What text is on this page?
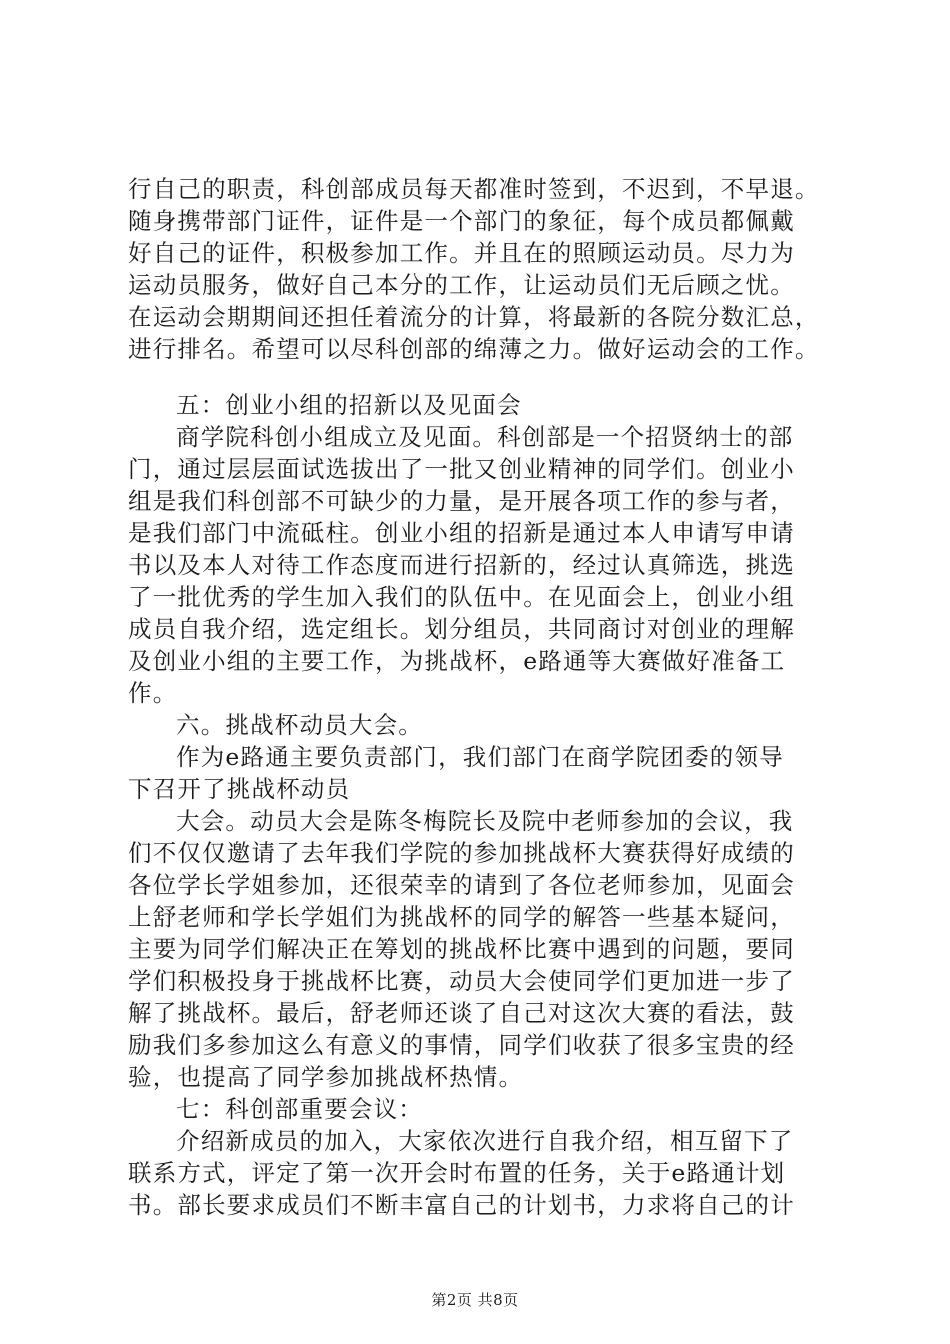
行自己的职责，科创部成员每天都准时签到，不迟到，不早退。
随身携带部门证件，证件是一个部门的象征，每个成员都佩戴
好自己的证件，积极参加工作。并且在的照顾运动员。尽力为
运动员服务，做好自己本分的工作，让运动员们无后顾之忧。
在运动会期期间还担任着流分的计算，将最新的各院分数汇总，
进行排名。希望可以尽科创部的绵薄之力。做好运动会的工作。
五：创业小组的招新以及见面会
商学院科创小组成立及见面。科创部是一个招贤纳士的部
门，通过层层面试选拔出了一批又创业精神的同学们。创业小
组是我们科创部不可缺少的力量，是开展各项工作的参与者，
是我们部门中流砥柱。创业小组的招新是通过本人申请写申请
书以及本人对待工作态度而进行招新的，经过认真筛选，挑选
了一批优秀的学生加入我们的队伍中。在见面会上，创业小组
成员自我介绍，选定组长。划分组员，共同商讨对创业的理解
及创业小组的主要工作，为挑战杯，e路通等大赛做好准备工
作。
六。挑战杯动员大会。
作为e路通主要负责部门，我们部门在商学院团委的领导
下召开了挑战杯动员
大会。动员大会是陈冬梅院长及院中老师参加的会议，我
们不仅仅邀请了去年我们学院的参加挑战杯大赛获得好成绩的
各位学长学姐参加，还很荣幸的请到了各位老师参加，见面会
上舒老师和学长学姐们为挑战杯的同学的解答一些基本疑问，
主要为同学们解决正在筹划的挑战杯比赛中遇到的问题，要同
学们积极投身于挑战杯比赛，动员大会使同学们更加进一步了
解了挑战杯。最后，舒老师还谈了自己对这次大赛的看法，鼓
励我们多参加这么有意义的事情，同学们收获了很多宝贵的经
验，也提高了同学参加挑战杯热情。
七：科创部重要会议：
介绍新成员的加入，大家依次进行自我介绍，相互留下了
联系方式，评定了第一次开会时布置的任务，关于e路通计划
书。部长要求成员们不断丰富自己的计划书，力求将自己的计
第2页 共8页
